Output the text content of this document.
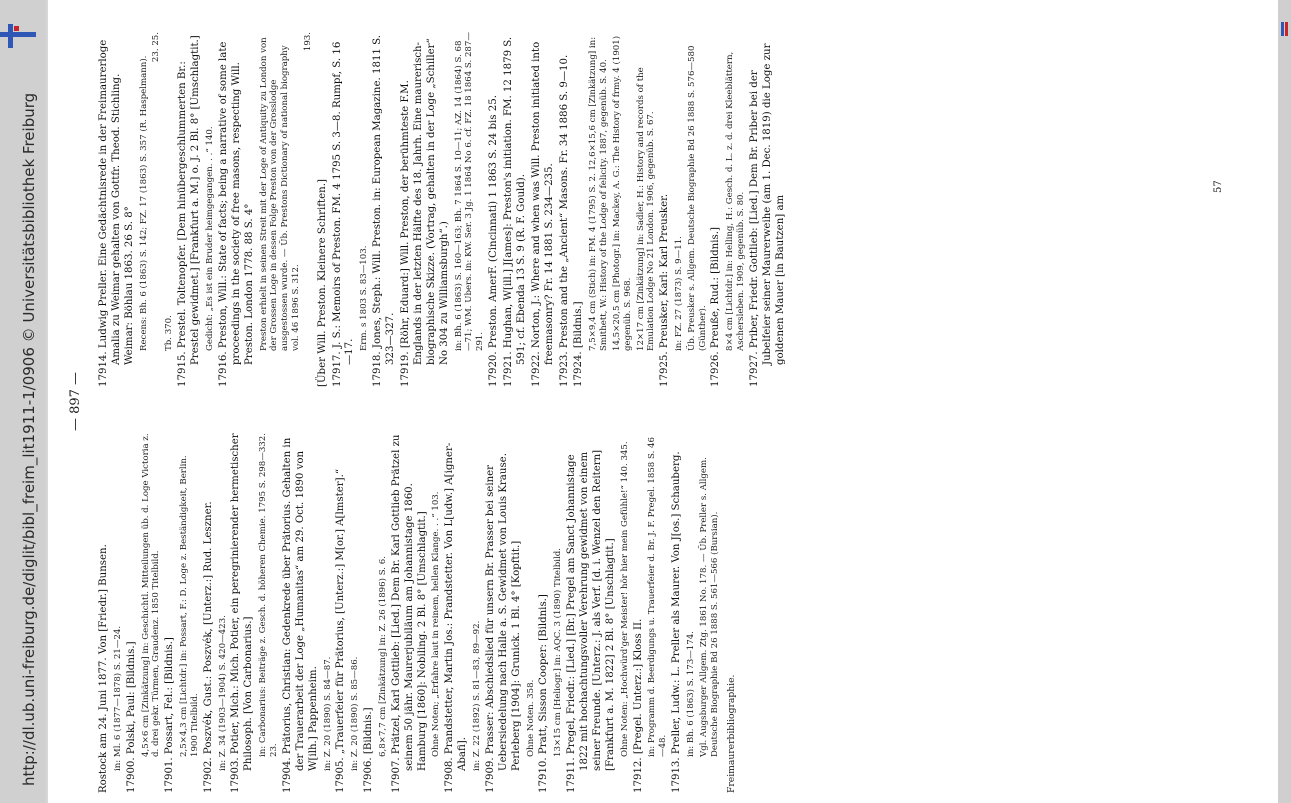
http://dl.ub.uni-freiburg.de/diglit/bibl_freim_lit1911-1/0906 © Universitätsbibliothek Freiburg
— 897 —
Rostock am 24. Juni 1877. Von [Friedr.] Bunsen. in: Ml. 6 (1877—1878) S. 21—24. 17900. Polski, Paul: [Bildnis.] 4,5×6 cm [Zinkätzung] in: Geschichtl. Mitteilungen üb. d. Loge Victoria z. d. drei gekr. Türmen, Graudenz. 1850 Titelbild. 17901. Possart, Fel.: [Bildnis.] 2,5×4,3 cm [Lichtdr.] in: Possart, F.: D. Loge z. Beständigkeit, Berlin. 1900 Titelbild. 17902. Poszvék, Gust.: Poszvék, [Unterz.:] Rud. Leszner. in: Z. 34 (1903—1904) S. 420—423. 17903. Potier, Mich.: Mich. Potier, ein peregrinierender hermetischer Philosoph. [Von Carbonarius.] in: Carbonarius: Beiträge z. Gesch. d. höheren Chemie. 1795 S. 298—332. 23. 17904. Prätorius, Christian: Gedenkrede über Prätorius. Gehalten in der Trauerarbeit der Loge „Humanitas“ am 29. Oct. 1890 von W[ilh.] Pappenheim. in: Z. 20 (1890) S. 84—87. 17905. „Trauerfeier für Prätorius, [Unterz.:] M[or.] A[lmster].“ in: Z. 20 (1890) S. 85—86. 17906. [Bildnis.] 6,8×7,7 cm [Zinkätzung] in: Z. 26 (1896) S. 6. 17907. Prätzel, Karl Gottlieb: [Lied.] Dem Br. Karl Gottlieb Prätzel zu seinem 50 jähr. Maurerjubiläum am Johannistage 1860. Hamburg [1860]: Nobiling. 2 Bl. 8° [Umschlagtit.] Ohne Noten; „Erfahre laut in reinem, hellen Klange. . .“ 103. 17908. Prandstetter, Martin Jos.: Prandstetter. Von L[udw.] A[igner-Abafi]. in: Z. 22 (1892) S. 81—83, 89—92. 17909. Prasser: Abschiedslied für unsern Br. Prasser bei seiner Uebersiedelung nach Halle a. S. Gewidmet von Louis Krause. Perleberg [1904]: Grunick. 1 Bl. 4° [Kopftit.] Ohne Noten. 358. 17910. Pratt, Sisson Cooper: [Bildnis.] 13×15 cm [Heliogr.] in: AQC. 3 (1890) Titelbild. 17911. Pregel, Friedr.: [Lied.] [Br.] Pregel am Sanct Johannistage 1822 mit hochachtungsvoller Verehrung gewidmet von einem seiner Freunde. [Unterz.: J. als Verf. [d. i. Wenzel den Reitern] [Frankfurt a. M. 1822] 2 Bl. 8° [Unschlagtit.] Ohne Noten: „Hochwürd'ger Meister! hör hier mein Gefühle!“ 140. 345. 17912. [Pregel. Unterz.:] Kloss II. in: Programm d. Beerdigungs u. Trauerfeier d. Br. J. F. Pregel. 1858 S. 46—48. 17913. Preller, Ludw.: L. Preller als Maurer. Von J[os.] Schauberg. in: Bh. 6 (1863) S. 173—174. Vgl. Augsburger Allgem. Ztg. 1861 No. 178. — Üb. Preller s. Allgem. Deutsche Biographie Bd 26 1888 S. 561—566 (Bursian). Freimaurerbibliographie.
17914. Ludwig Preller. Eine Gedächtnisrede in der Freimaurerloge Amalia zu Weimar gehalten von Gottfr. Theod. Stichling. Weimar: Böhlau 1863. 26 S. 8° Recens: Bh. 6 (1863) S. 142; FZ. 17 (1863) S. 357 (R. Haspelmann).
23. 25.
Tb. 370. 17915. Prestel. Toltenopfer. [Dem hinübergeschlummerten Br.: Prestel gewidmet.] [Frankfurt a. M.] o. J. 2 Bl. 8° [Umschlagtit.] Gedicht: „Es ist ein Bruder heimgegangen. . .“ 140. 17916. Preston, Will.: State of facts; being a narrative of some late proceedings in the society of free masons, respecting Will. Preston. London 1778. 88 S. 4° Preston erhielt in seinen Streit mit der Loge of Antiquity zu London von der Grossen Loge in dessen Folge Preston von der Grosslodge ausgestossen wurde. — Üb. Prestons Dictionary of national biography vol. 46 1896 S. 312.
193.
[Über Will. Preston. Kleinere Schriften.] 17917. J. S.: Memoirs of Preston. FM. 4 1795 S. 3—8. Rumpf, S. 16—17.
Erm. s 1803 S. 83—103. 17918. Jones, Steph.: Will. Preston. in: European Magazine. 1811 S. 323—327. 17919. [Röhr, Eduard:] Will. Preston, der berühmteste F.M. Englands in der letzten Hälfte des 18. Jahrh. Eine maurerisch-biographische Skizze. (Vortrag, gehalten in der Loge „Schiller“ No 304 zu Williamsburgh“.) in: Bh. 6 (1863) S. 160—163; Bh. 7 1864 S. 10—11; AZ. 14 (1864) S. 68—71; WM. Ubers. in: KW. Ser. 3 Jg. 1 1864 No 6. cf. FZ. 18 1864 S. 287—291. 17920. Preston. AmerF. (Cincinnati) 1 1863 S. 24 bis 25. 17921. Hughan, W[ill.] J[ames]: Preston's initiation. FM. 12 1879 S. 591; cf. Ebenda 13 S. 9 (R. F. Gould). 17922. Norton, J.: Where and when was Will. Preston initiated into freemasonry? Fr. 14 1881 S. 234—235. 17923. Preston and the „Ancient“ Masons. Fr. 34 1886 S. 9—10. 17924. [Bildnis.] 7,5×9,4 cm (Stich) in: FM. 4 (1795) S. 2. 12,6×15,6 cm [Zinkätzung] in: Smithett, W.: History of the Lodge of felicity. 1887, gegenüb. S. 40. 14,5×20,5 cm [Photogr.] in: Mackey, A. G.: The History of frmy. 4 (1901) gegenüb. S. 968. 12×17 cm [Zinkätzung] in: Sadler, H.: History and records of the Emulation Lodge No 21 London. 1906, gegenüb. S. 67. 17925. Preusker, Karl: Karl Preusker. in: FZ. 27 (1873) S. 9—11. Üb. Preusker s. Allgem. Deutsche Biographie Bd 26 1888 S. 576—580 (Günther). 17926. Preuße, Rud.: [Bildnis.] 8×4 cm [Lichtdr.] in: Helling, H.: Gesch. d. L. z. d. drei Kleeblättern, Aschersleben. 1909, gegenüb. S. 80. 17927. Priber, Friedr. Gottlieb: [Lied.] Dem Br. Priber bei der Jubelfeier seiner Maurerweihe (am 1. Dec. 1819) die Loge zur goldenen Mauer [in Bautzen] am
57
